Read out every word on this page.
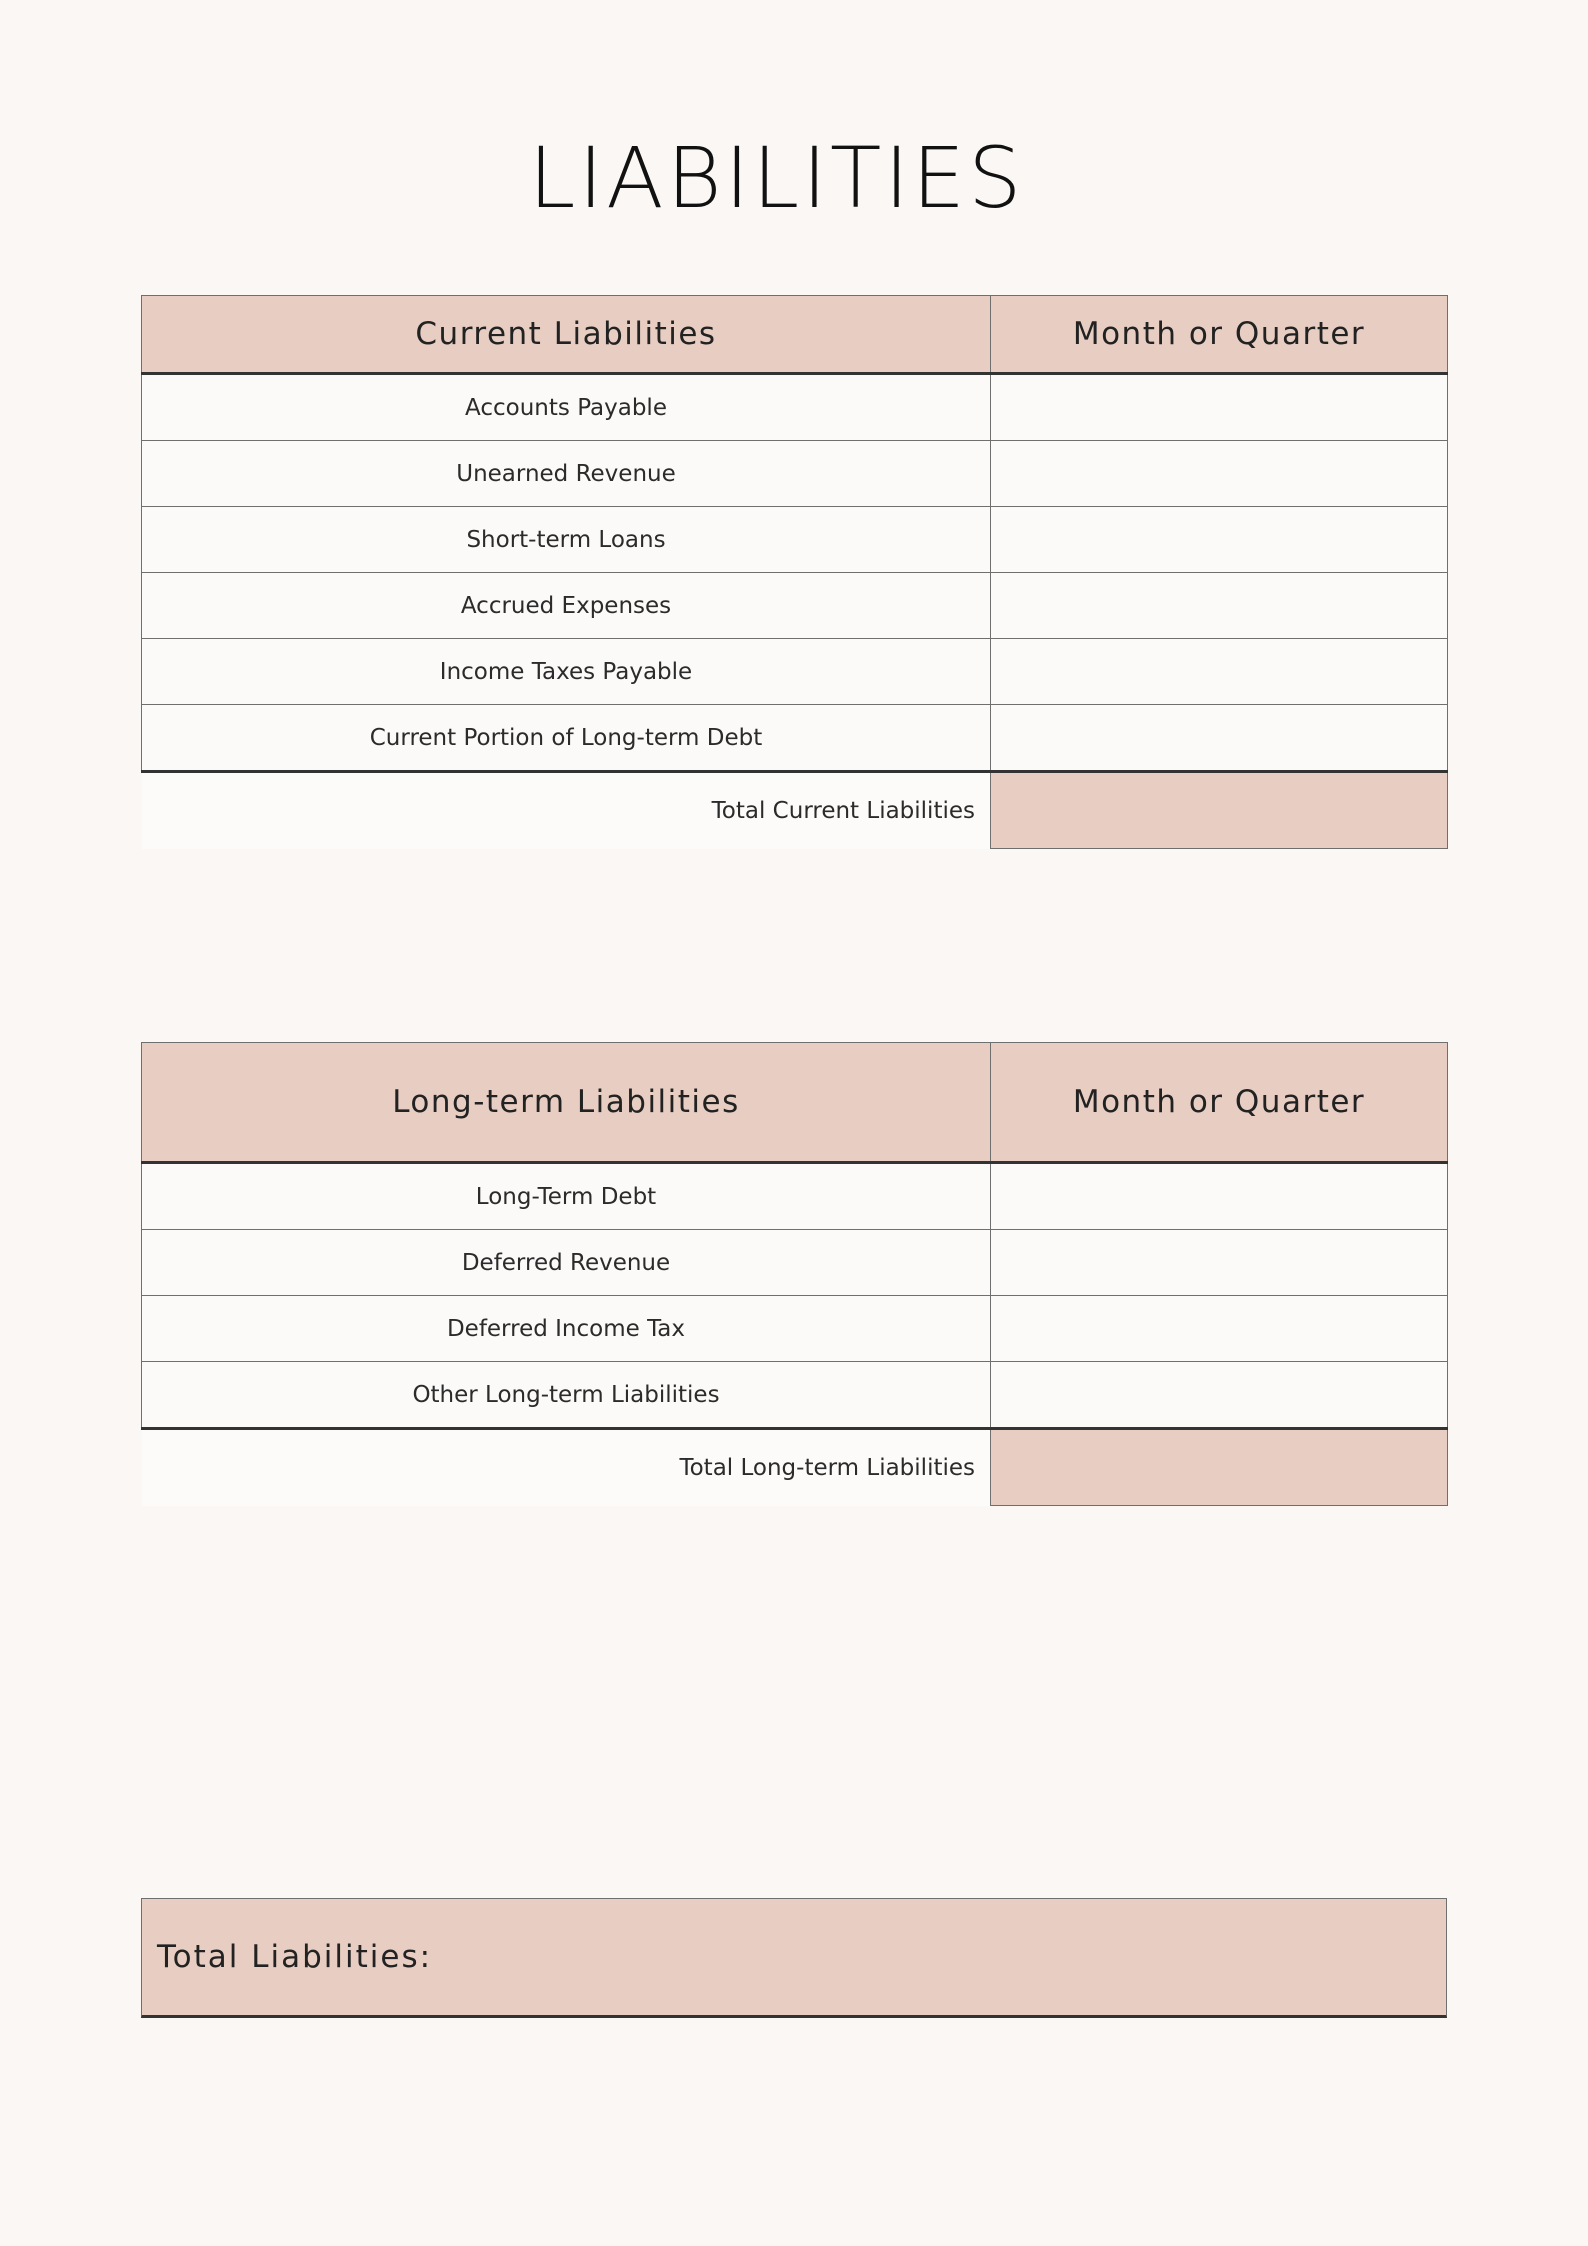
LIABILITIES
Current Liabilities	Month or Quarter
Accounts Payable	
Unearned Revenue	
Short-term Loans	
Accrued Expenses	
Income Taxes Payable	
Current Portion of Long-term Debt	
Total Current Liabilities	
Long-term Liabilities	Month or Quarter
Long-Term Debt	
Deferred Revenue	
Deferred Income Tax	
Other Long-term Liabilities	
Total Long-term Liabilities	
Total Liabilities:
